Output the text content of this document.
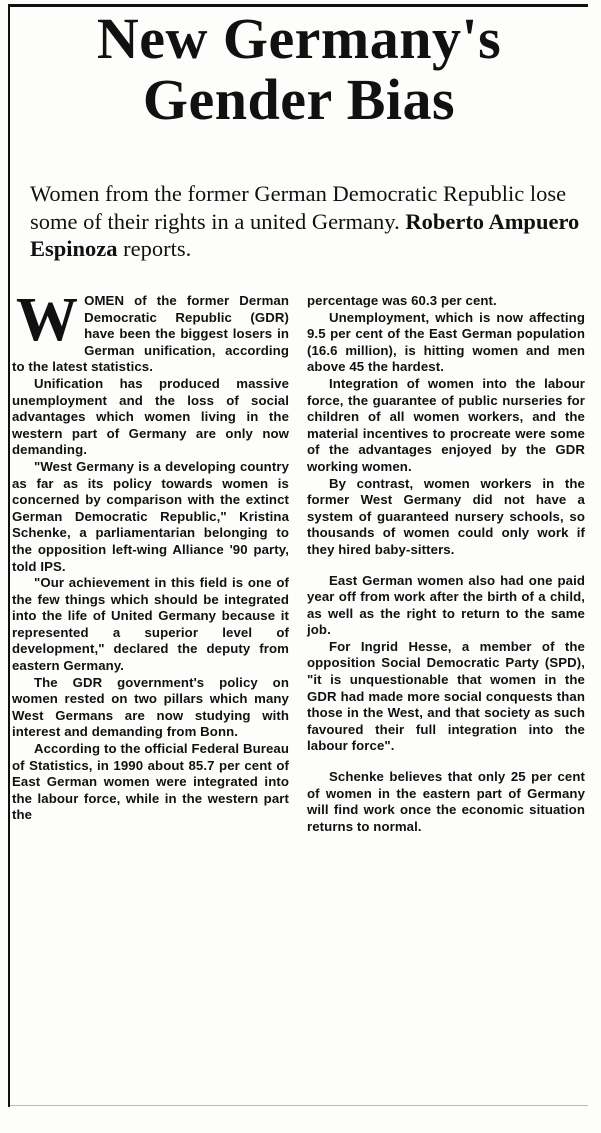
New Germany's
Gender Bias

Women from the former German Democratic Republic lose some of their rights in a united Germany. Roberto Ampuero Espinoza reports.

WOMEN of the former Derman Democratic Republic (GDR) have been the biggest losers in German unification, according to the latest statistics.

Unification has produced massive unemployment and the loss of social advantages which women living in the western part of Germany are only now demanding.

"West Germany is a developing country as far as its policy towards women is concerned by comparison with the extinct German Democratic Republic," Kristina Schenke, a parliamentarian belonging to the opposition left-wing Alliance '90 party, told IPS.

"Our achievement in this field is one of the few things which should be integrated into the life of United Germany because it represented a superior level of development," declared the deputy from eastern Germany.

The GDR government's policy on women rested on two pillars which many West Germans are now studying with interest and demanding from Bonn.

According to the official Federal Bureau of Statistics, in 1990 about 85.7 per cent of East German women were integrated into the labour force, while in the western part the

percentage was 60.3 per cent.

Unemployment, which is now affecting 9.5 per cent of the East German population (16.6 million), is hitting women and men above 45 the hardest.

Integration of women into the labour force, the guarantee of public nurseries for children of all women workers, and the material incentives to procreate were some of the advantages enjoyed by the GDR working women.

By contrast, women workers in the former West Germany did not have a system of guaranteed nursery schools, so thousands of women could only work if they hired baby-sitters.

East German women also had one paid year off from work after the birth of a child, as well as the right to return to the same job.

For Ingrid Hesse, a member of the opposition Social Democratic Party (SPD), "it is unquestionable that women in the GDR had made more social conquests than those in the West, and that society as such favoured their full integration into the labour force".

Schenke believes that only 25 per cent of women in the eastern part of Germany will find work once the economic situation returns to normal.
